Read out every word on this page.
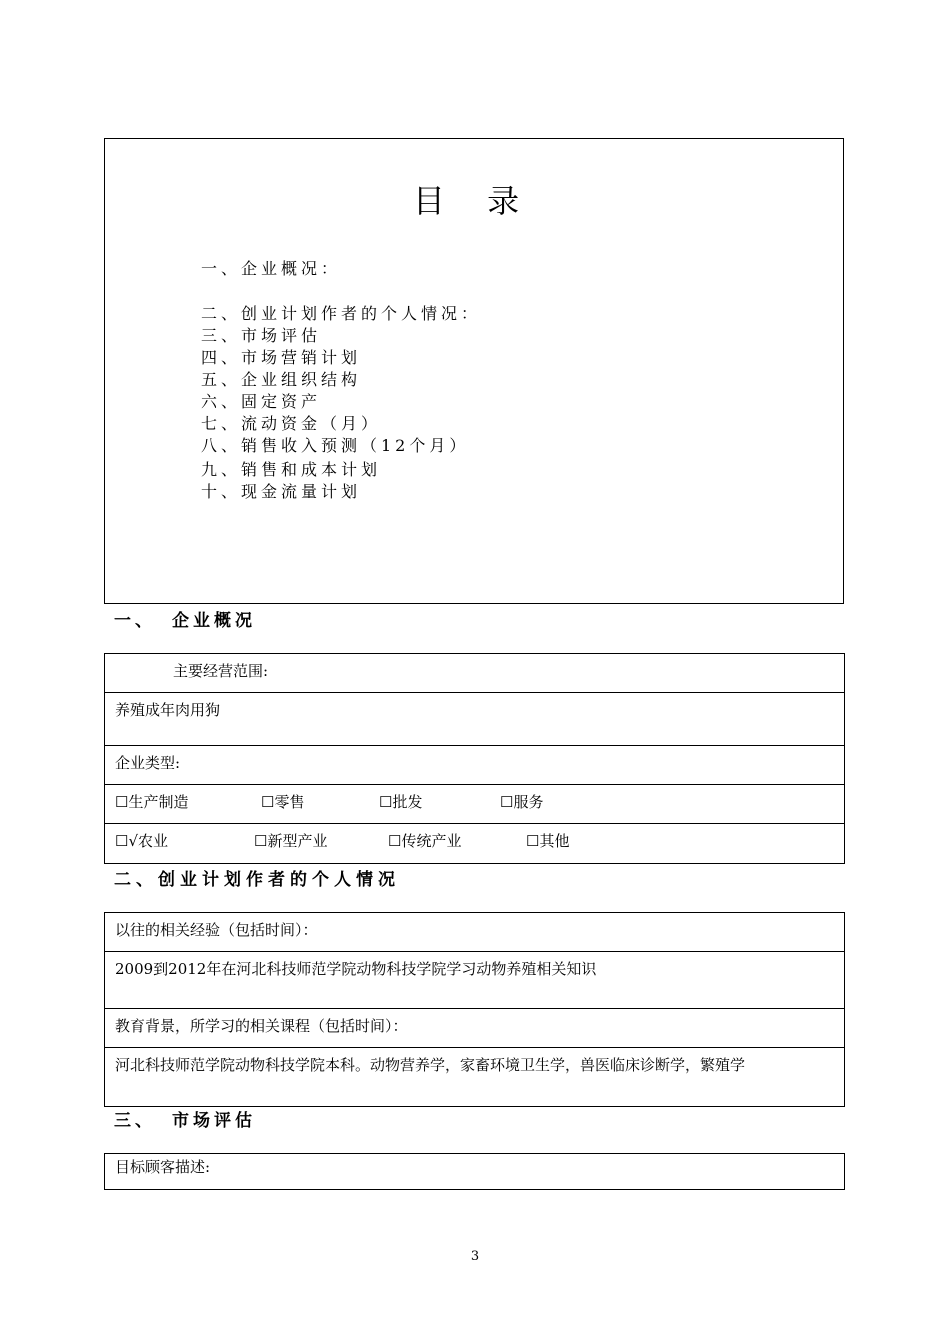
目 录
一、企业概况：
二、创业计划作者的个人情况：
三、市场评估
四、市场营销计划
五、企业组织结构
六、固定资产
七、流动资金（月）
八、销售收入预测（12个月）
九、销售和成本计划
十、现金流量计划
一、 企业概况
主要经营范围:
养殖成年肉用狗
企业类型:
☐生产制造	☐零售	☐批发	☐服务
☐√农业	☐新型产业	☐传统产业	☐其他
二、创业计划作者的个人情况
以往的相关经验（包括时间）：
2009到2012年在河北科技师范学院动物科技学院学习动物养殖相关知识
教育背景，所学习的相关课程（包括时间）：
河北科技师范学院动物科技学院本科。动物营养学，家畜环境卫生学，兽医临床诊断学，繁殖学
三、 市场评估
目标顾客描述:
3
